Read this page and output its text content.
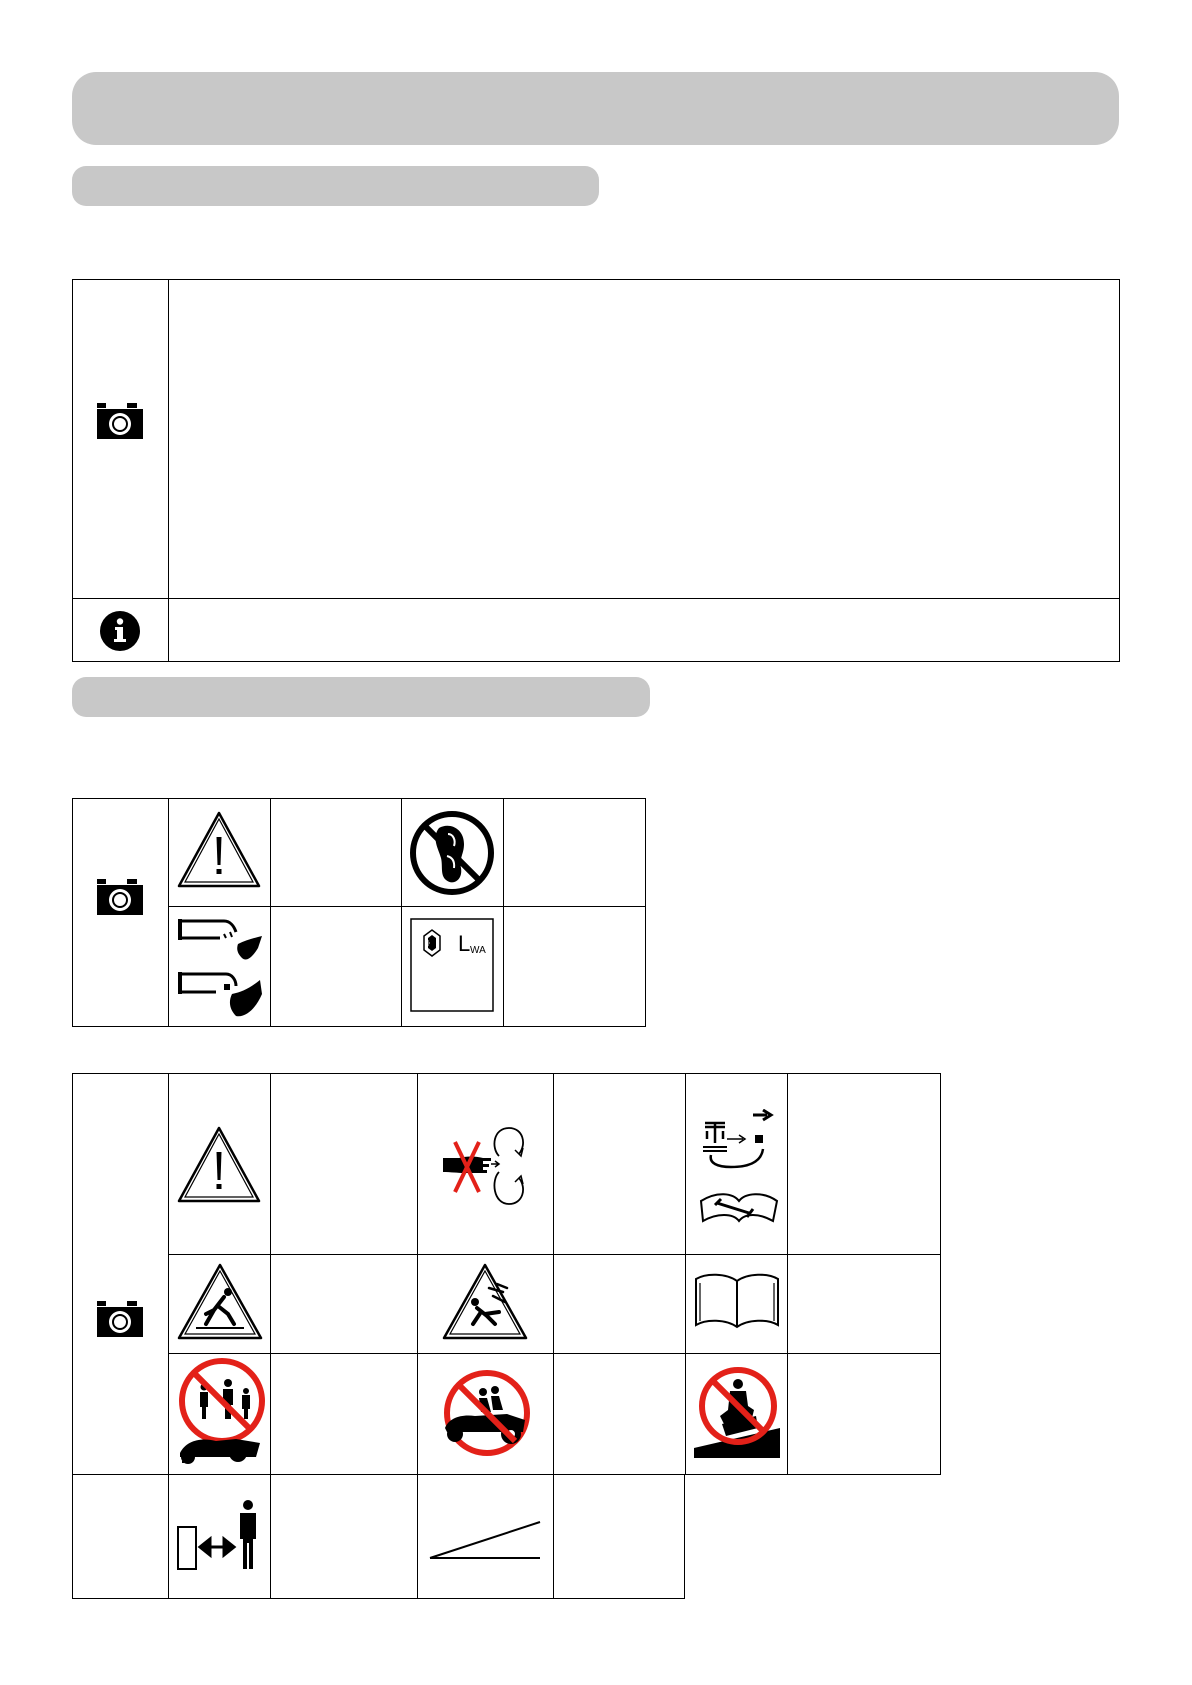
L WA
